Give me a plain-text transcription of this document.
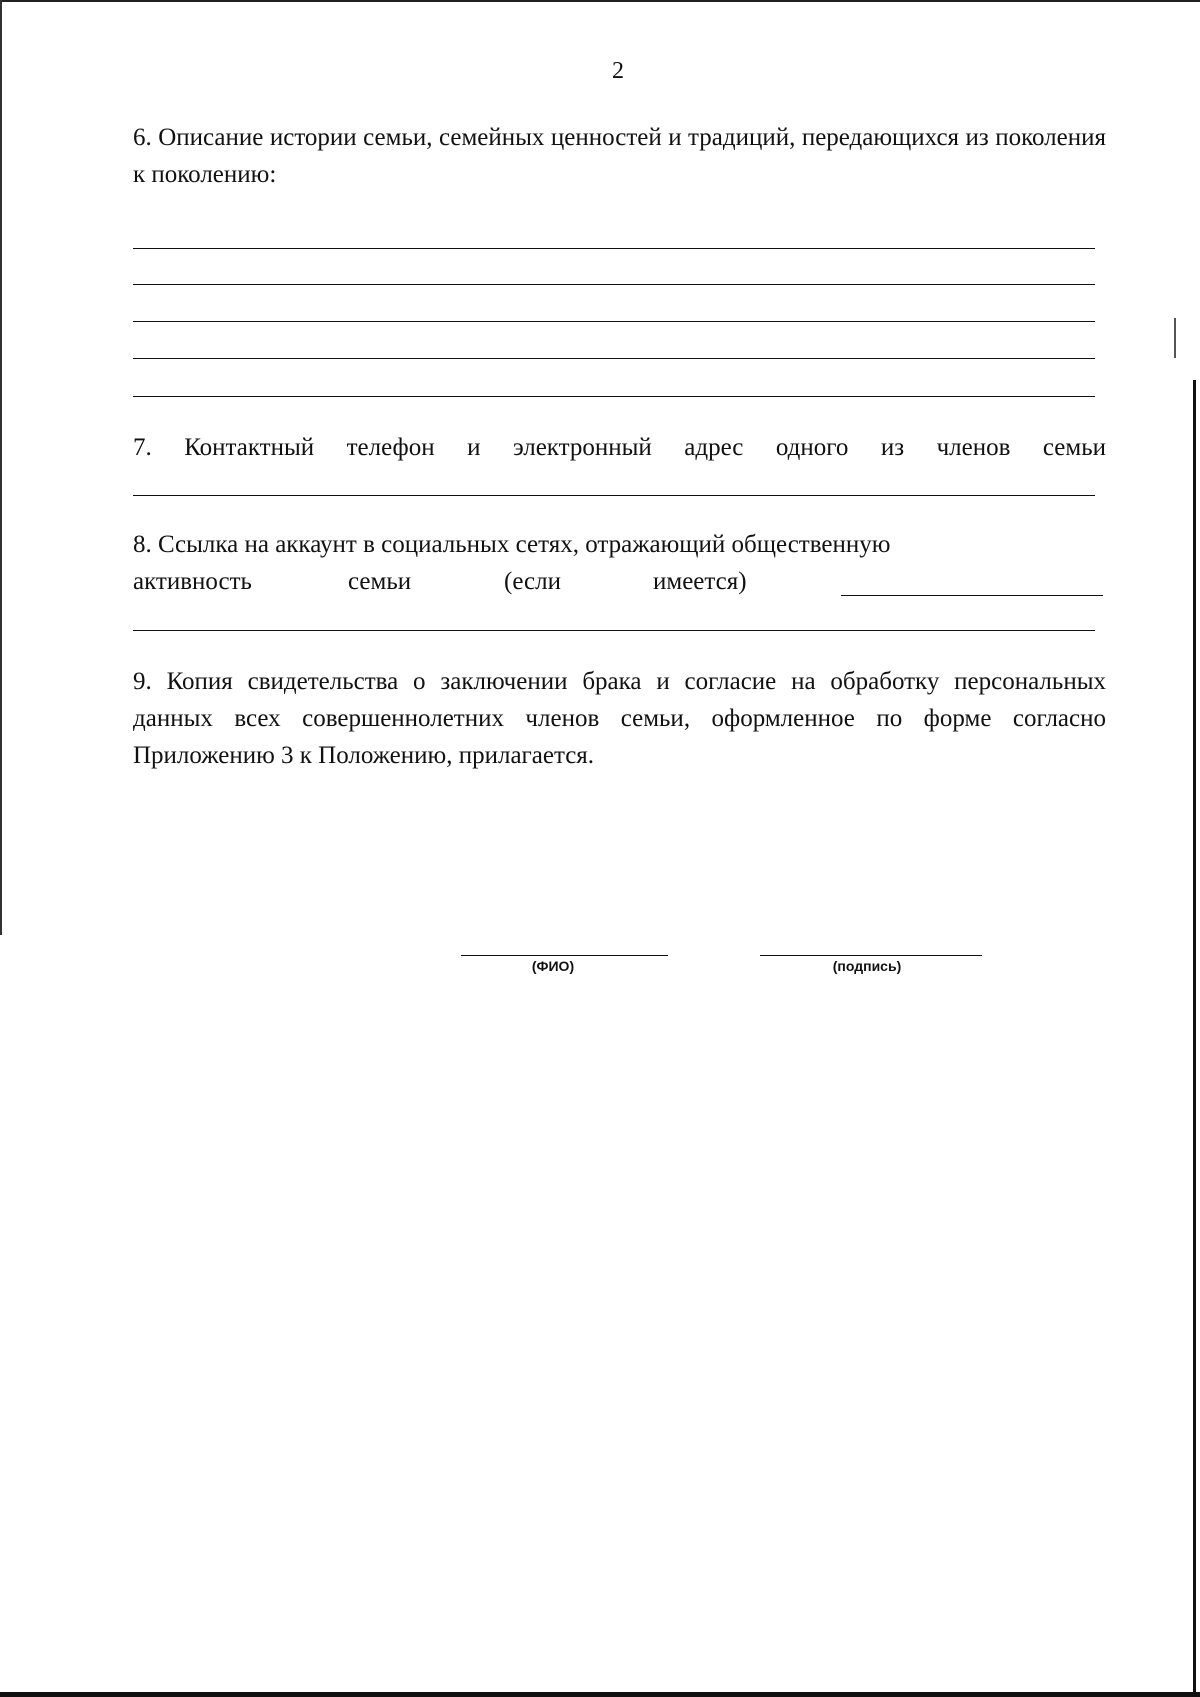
2
6. Описание истории семьи, семейных ценностей и традиций, передающихся из поколения к поколению:
7. Контактный телефон и электронный адрес одного из членов семьи
8. Ссылка на аккаунт в социальных сетях, отражающий общественную
активность	семьи	(если	имеется)
9. Копия свидетельства о заключении брака и согласие на обработку персональных данных всех совершеннолетних членов семьи, оформленное по форме согласно Приложению 3 к Положению, прилагается.
(ФИО)	(подпись)
